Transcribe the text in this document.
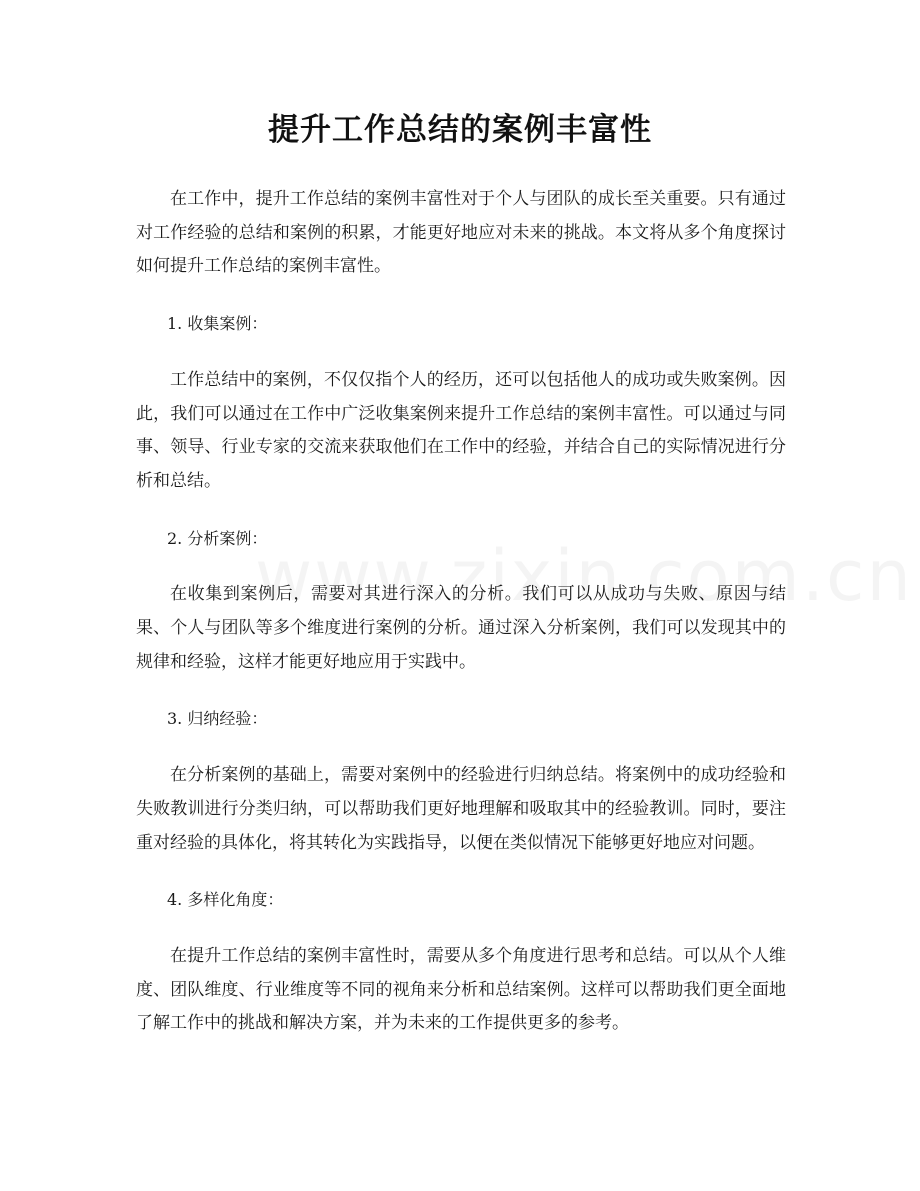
提升工作总结的案例丰富性

在工作中，提升工作总结的案例丰富性对于个人与团队的成长至关重要。只有通过对工作经验的总结和案例的积累，才能更好地应对未来的挑战。本文将从多个角度探讨如何提升工作总结的案例丰富性。

1. 收集案例：

工作总结中的案例，不仅仅指个人的经历，还可以包括他人的成功或失败案例。因此，我们可以通过在工作中广泛收集案例来提升工作总结的案例丰富性。可以通过与同事、领导、行业专家的交流来获取他们在工作中的经验，并结合自己的实际情况进行分析和总结。

2. 分析案例：

在收集到案例后，需要对其进行深入的分析。我们可以从成功与失败、原因与结果、个人与团队等多个维度进行案例的分析。通过深入分析案例，我们可以发现其中的规律和经验，这样才能更好地应用于实践中。

3. 归纳经验：

在分析案例的基础上，需要对案例中的经验进行归纳总结。将案例中的成功经验和失败教训进行分类归纳，可以帮助我们更好地理解和吸取其中的经验教训。同时，要注重对经验的具体化，将其转化为实践指导，以便在类似情况下能够更好地应对问题。

4. 多样化角度：

在提升工作总结的案例丰富性时，需要从多个角度进行思考和总结。可以从个人维度、团队维度、行业维度等不同的视角来分析和总结案例。这样可以帮助我们更全面地了解工作中的挑战和解决方案，并为未来的工作提供更多的参考。
